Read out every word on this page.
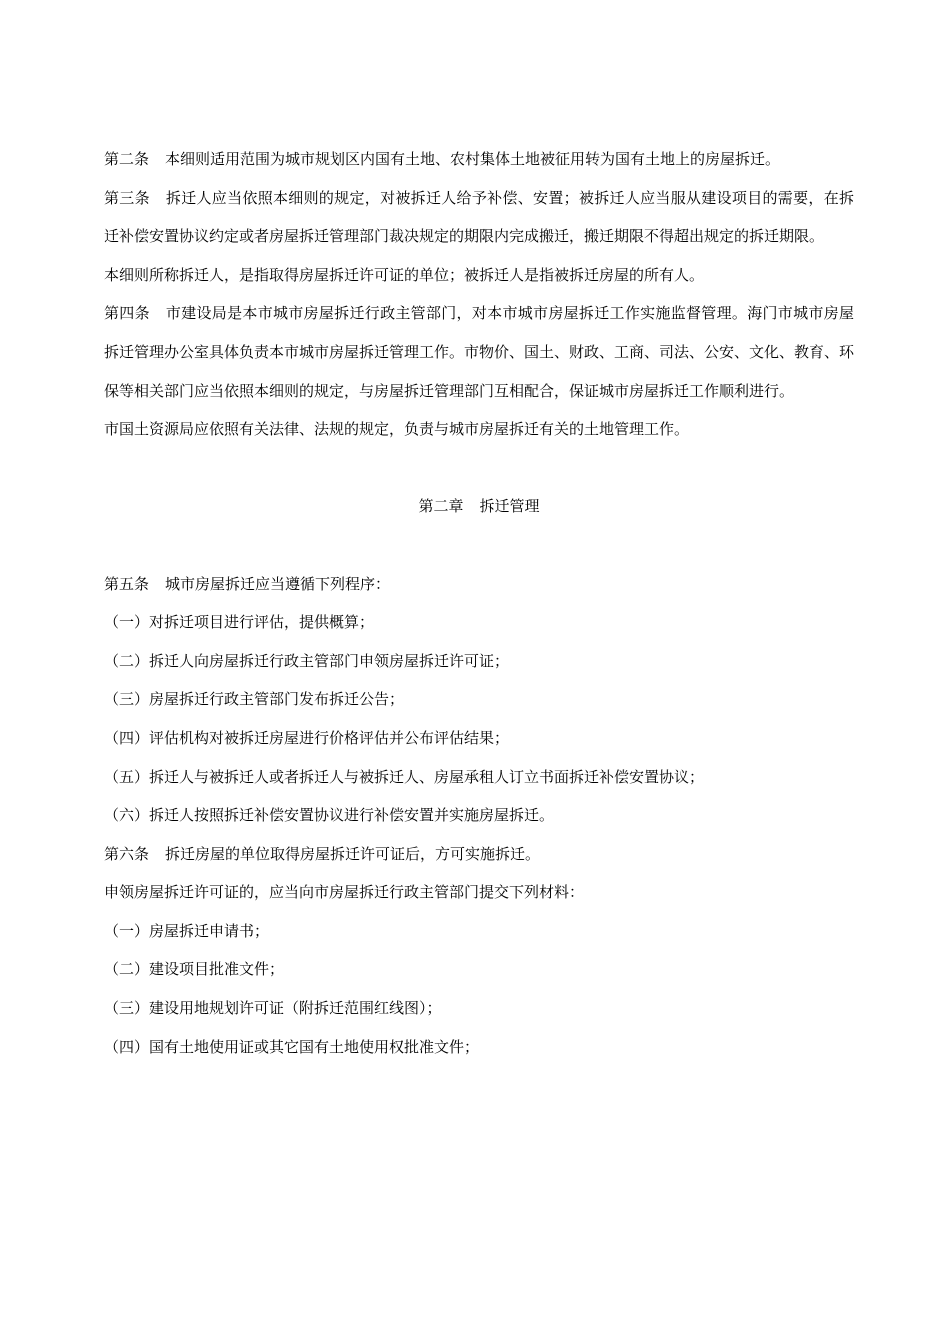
第二条 本细则适用范围为城市规划区内国有土地、农村集体土地被征用转为国有土地上的房屋拆迁。

第三条 拆迁人应当依照本细则的规定，对被拆迁人给予补偿、安置；被拆迁人应当服从建设项目的需要，在拆迁补偿安置协议约定或者房屋拆迁管理部门裁决规定的期限内完成搬迁，搬迁期限不得超出规定的拆迁期限。

本细则所称拆迁人，是指取得房屋拆迁许可证的单位；被拆迁人是指被拆迁房屋的所有人。

第四条 市建设局是本市城市房屋拆迁行政主管部门，对本市城市房屋拆迁工作实施监督管理。海门市城市房屋拆迁管理办公室具体负责本市城市房屋拆迁管理工作。市物价、国土、财政、工商、司法、公安、文化、教育、环保等相关部门应当依照本细则的规定，与房屋拆迁管理部门互相配合，保证城市房屋拆迁工作顺利进行。

市国土资源局应依照有关法律、法规的规定，负责与城市房屋拆迁有关的土地管理工作。

第二章 拆迁管理

第五条 城市房屋拆迁应当遵循下列程序：

（一）对拆迁项目进行评估，提供概算；

（二）拆迁人向房屋拆迁行政主管部门申领房屋拆迁许可证；

（三）房屋拆迁行政主管部门发布拆迁公告；

（四）评估机构对被拆迁房屋进行价格评估并公布评估结果；

（五）拆迁人与被拆迁人或者拆迁人与被拆迁人、房屋承租人订立书面拆迁补偿安置协议；

（六）拆迁人按照拆迁补偿安置协议进行补偿安置并实施房屋拆迁。

第六条 拆迁房屋的单位取得房屋拆迁许可证后，方可实施拆迁。

申领房屋拆迁许可证的，应当向市房屋拆迁行政主管部门提交下列材料：

（一）房屋拆迁申请书；

（二）建设项目批准文件；

（三）建设用地规划许可证（附拆迁范围红线图）；

（四）国有土地使用证或其它国有土地使用权批准文件；
